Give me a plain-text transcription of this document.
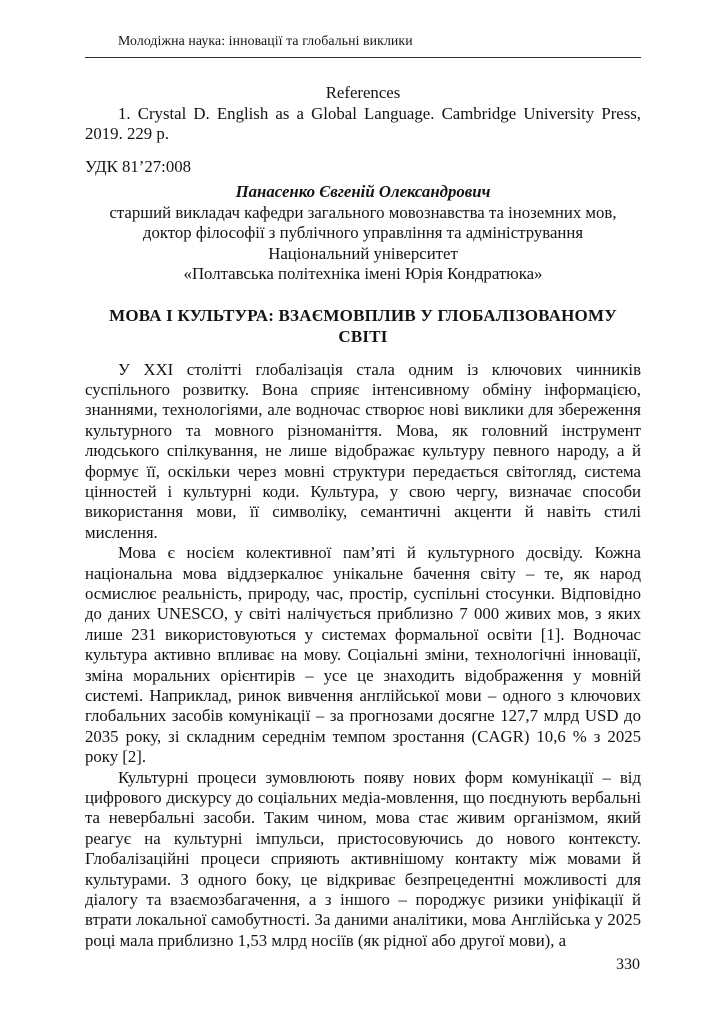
Молодіжна наука: інновації та глобальні виклики
References

1. Crystal D. English as a Global Language. Cambridge University Press, 2019. 229 p.

УДК 81’27:008
Панасенко Євгеній Олександрович
старший викладач кафедри загального мовознавства та іноземних мов,
доктор філософії з публічного управління та адміністрування
Національний університет
«Полтавська політехніка імені Юрія Кондратюка»
МОВА І КУЛЬТУРА: ВЗАЄМОВПЛИВ У ГЛОБАЛІЗОВАНОМУ СВІТІ

У XXI столітті глобалізація стала одним із ключових чинників суспільного розвитку. Вона сприяє інтенсивному обміну інформацією, знаннями, технологіями, але водночас створює нові виклики для збереження культурного та мовного різноманіття. Мова, як головний інструмент людського спілкування, не лише відображає культуру певного народу, а й формує її, оскільки через мовні структури передається світогляд, система цінностей і культурні коди. Культура, у свою чергу, визначає способи використання мови, її символіку, семантичні акценти й навіть стилі мислення.

Мова є носієм колективної пам’яті й культурного досвіду. Кожна національна мова віддзеркалює унікальне бачення світу – те, як народ осмислює реальність, природу, час, простір, суспільні стосунки. Відповідно до даних UNESCO, у світі налічується приблизно 7 000 живих мов, з яких лише 231 використовуються у системах формальної освіти [1]. Водночас культура активно впливає на мову. Соціальні зміни, технологічні інновації, зміна моральних орієнтирів – усе це знаходить відображення у мовній системі. Наприклад, ринок вивчення англійської мови – одного з ключових глобальних засобів комунікації – за прогнозами досягне 127,7 млрд USD до 2035 року, зі складним середнім темпом зростання (CAGR) 10,6 % з 2025 року [2].

Культурні процеси зумовлюють появу нових форм комунікації – від цифрового дискурсу до соціальних медіа-мовлення, що поєднують вербальні та невербальні засоби. Таким чином, мова стає живим організмом, який реагує на культурні імпульси, пристосовуючись до нового контексту. Глобалізаційні процеси сприяють активнішому контакту між мовами й культурами. З одного боку, це відкриває безпрецедентні можливості для діалогу та взаємозбагачення, а з іншого – породжує ризики уніфікації й втрати локальної самобутності. За даними аналітики, мова Англійська у 2025 році мала приблизно 1,53 млрд носіїв (як рідної або другої мови), а

330
